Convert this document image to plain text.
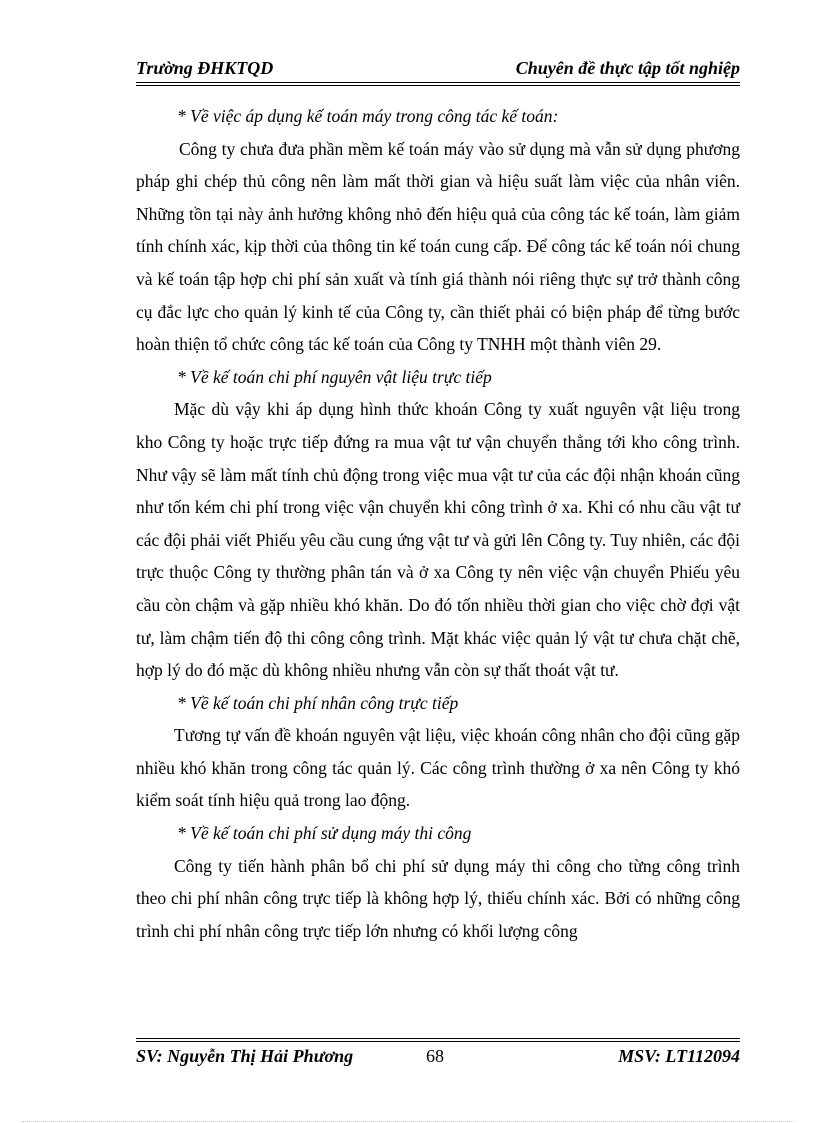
Trường ĐHKTQD	Chuyên đề thực tập tốt nghiệp

* Về việc áp dụng kế toán máy trong công tác kế toán:

Công ty chưa đưa phần mềm kế toán máy vào sử dụng mà vẫn sử dụng phương pháp ghi chép thủ công nên làm mất thời gian và hiệu suất làm việc của nhân viên. Những tồn tại này ảnh hưởng không nhỏ đến hiệu quả của công tác kế toán, làm giảm tính chính xác, kịp thời của thông tin kế toán cung cấp. Để công tác kế toán nói chung và kế toán tập hợp chi phí sản xuất và tính giá thành nói riêng thực sự trở thành công cụ đắc lực cho quản lý kinh tế của Công ty, cần thiết phải có biện pháp để từng bước hoàn thiện tổ chức công tác kế toán của Công ty TNHH một thành viên 29.

* Về kế toán chi phí nguyên vật liệu trực tiếp

Mặc dù vậy khi áp dụng hình thức khoán Công ty xuất nguyên vật liệu trong kho Công ty hoặc trực tiếp đứng ra mua vật tư vận chuyển thẳng tới kho công trình. Như vậy sẽ làm mất tính chủ động trong việc mua vật tư của các đội nhận khoán cũng như tốn kém chi phí trong việc vận chuyển khi công trình ở xa. Khi có nhu cầu vật tư các đội phải viết Phiếu yêu cầu cung ứng vật tư và gửi lên Công ty. Tuy nhiên, các đội trực thuộc Công ty thường phân tán và ở xa Công ty nên việc vận chuyển Phiếu yêu cầu còn chậm và gặp nhiều khó khăn. Do đó tốn nhiều thời gian cho việc chờ đợi vật tư, làm chậm tiến độ thi công công trình. Mặt khác việc quản lý vật tư chưa chặt chẽ, hợp lý do đó mặc dù không nhiều nhưng vẫn còn sự thất thoát vật tư.

* Về kế toán chi phí nhân công trực tiếp

Tương tự vấn đề khoán nguyên vật liệu, việc khoán công nhân cho đội cũng gặp nhiều khó khăn trong công tác quản lý. Các công trình thường ở xa nên Công ty khó kiểm soát tính hiệu quả trong lao động.

* Về kế toán chi phí sử dụng máy thi công

Công ty tiến hành phân bổ chi phí sử dụng máy thi công cho từng công trình theo chi phí nhân công trực tiếp là không hợp lý, thiếu chính xác. Bởi có những công trình chi phí nhân công trực tiếp lớn nhưng có khối lượng công

SV: Nguyễn Thị Hải Phương	68	MSV: LT112094
